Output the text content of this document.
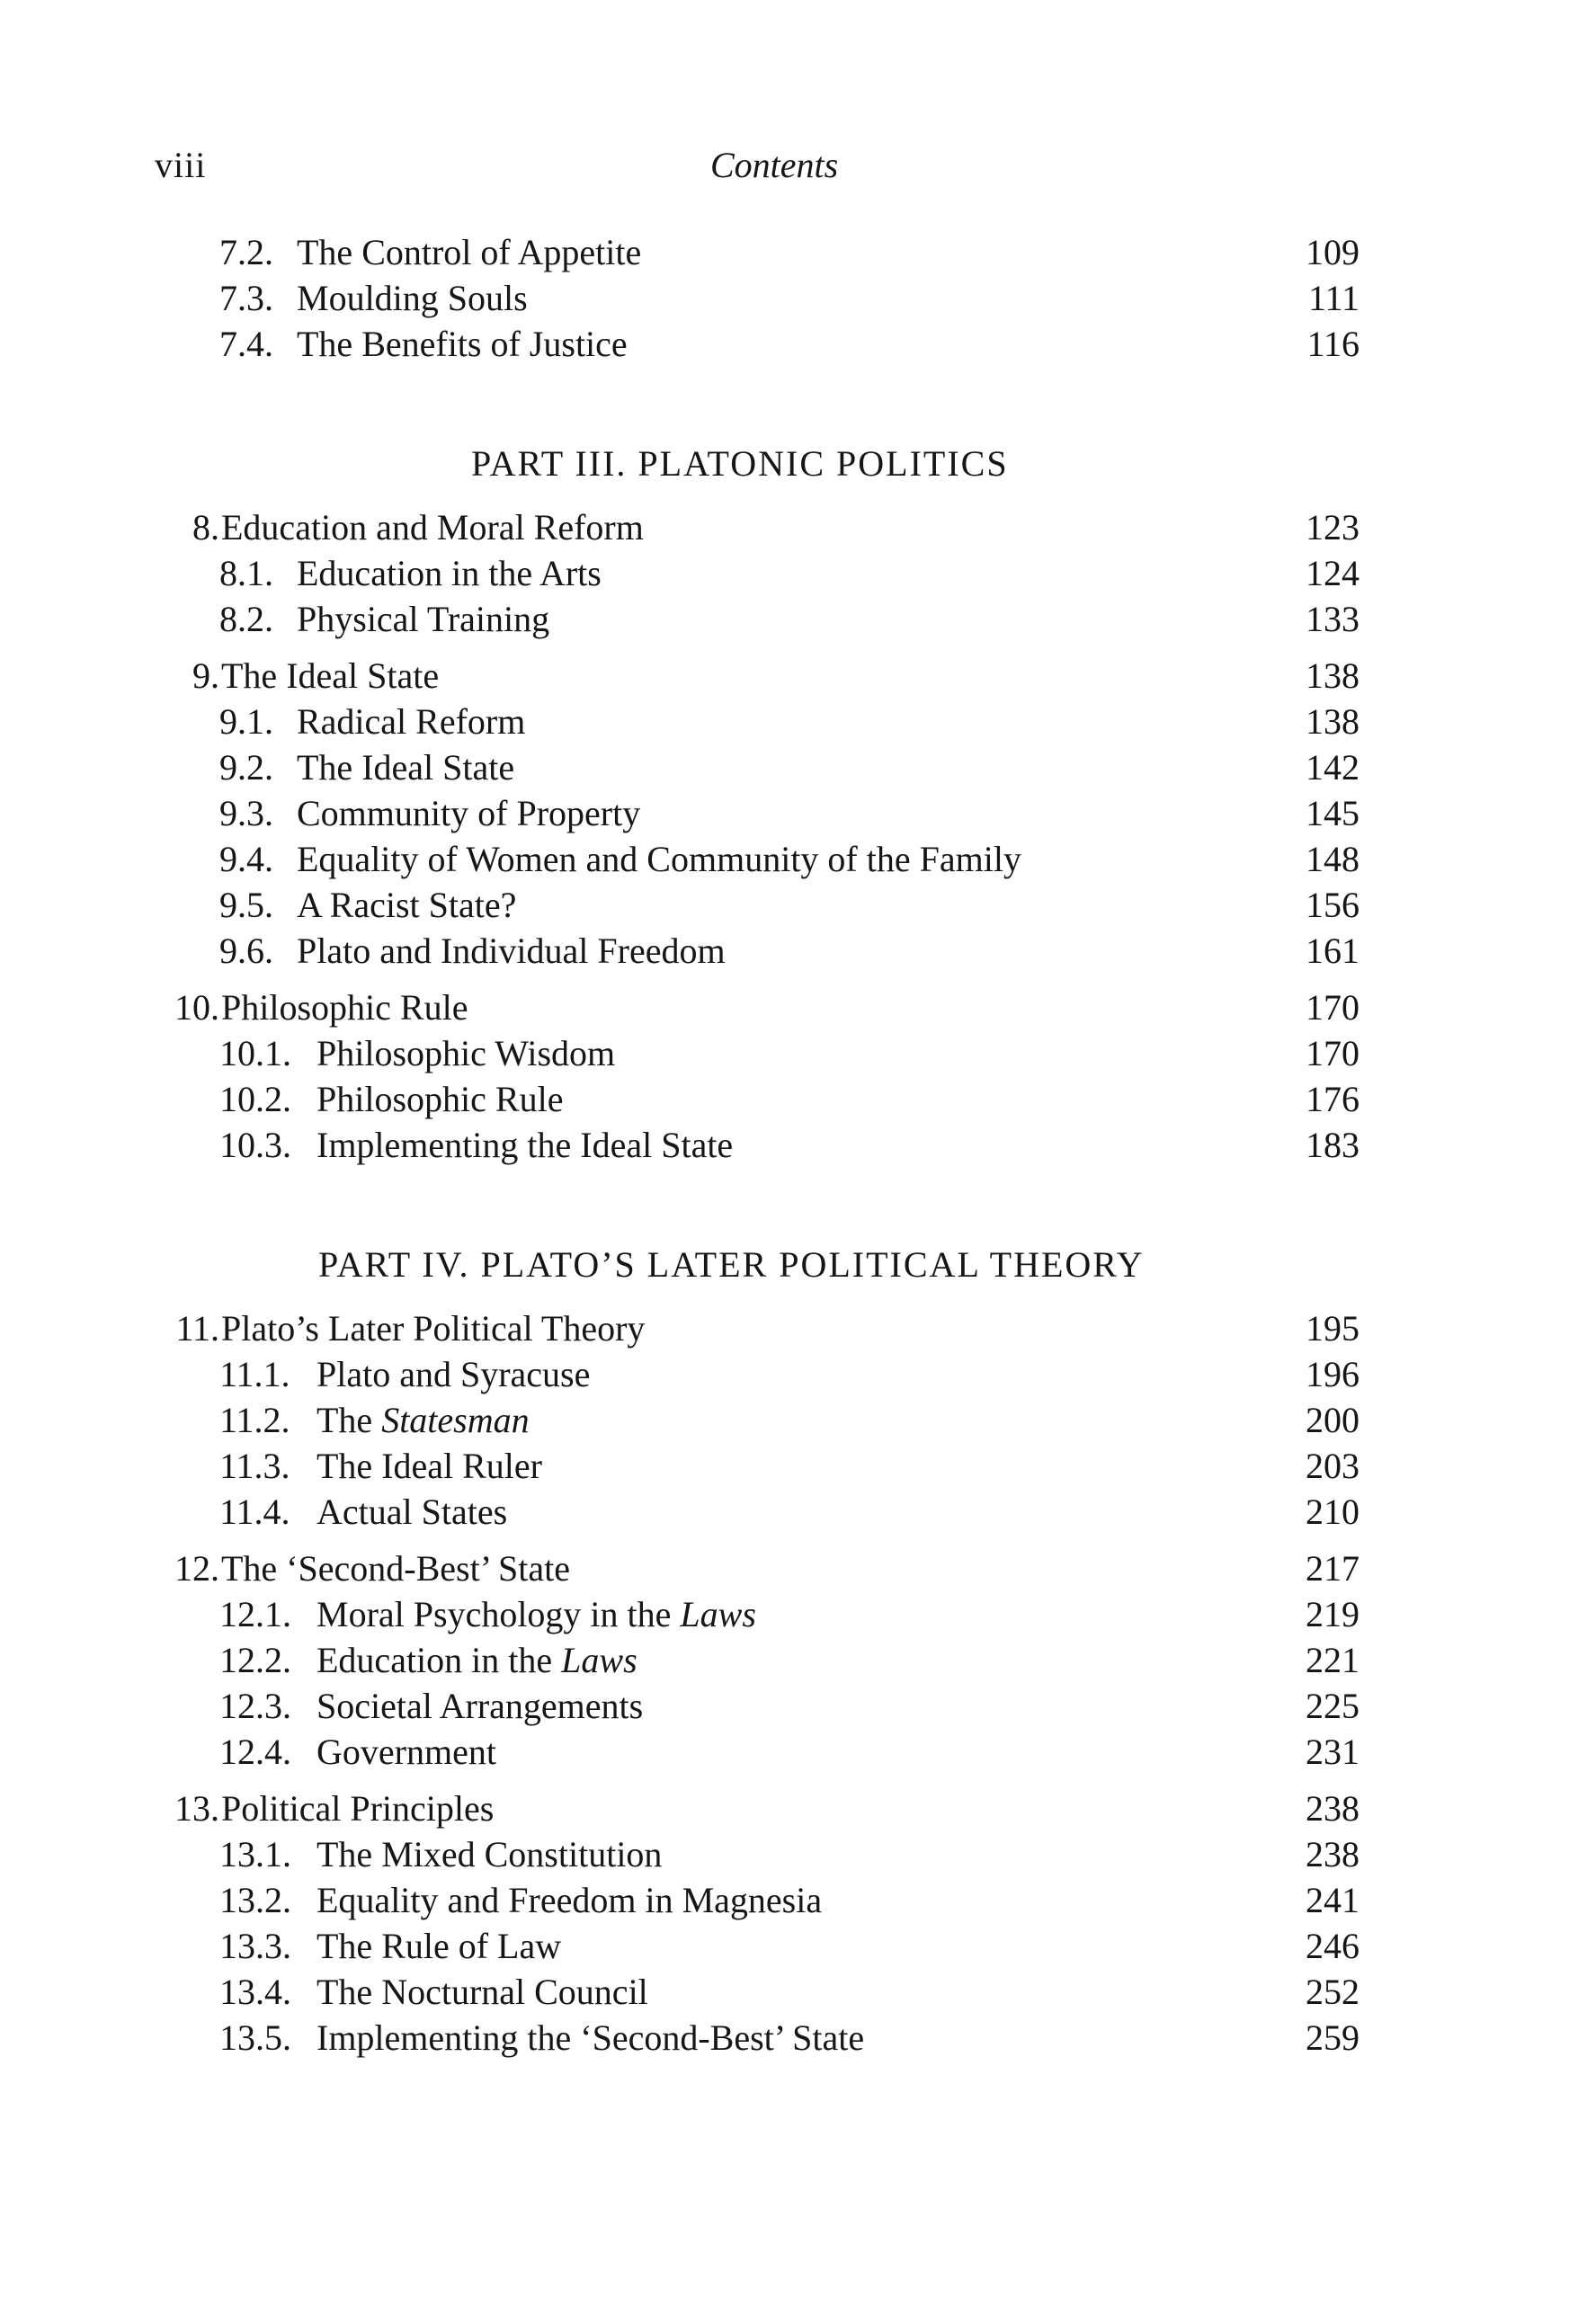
viii	Contents
7.2. The Control of Appetite	109
7.3. Moulding Souls	111
7.4. The Benefits of Justice	116
PART III. PLATONIC POLITICS
8. Education and Moral Reform	123
8.1. Education in the Arts	124
8.2. Physical Training	133
9. The Ideal State	138
9.1. Radical Reform	138
9.2. The Ideal State	142
9.3. Community of Property	145
9.4. Equality of Women and Community of the Family	148
9.5. A Racist State?	156
9.6. Plato and Individual Freedom	161
10. Philosophic Rule	170
10.1. Philosophic Wisdom	170
10.2. Philosophic Rule	176
10.3. Implementing the Ideal State	183
PART IV. PLATO’S LATER POLITICAL THEORY
11. Plato’s Later Political Theory	195
11.1. Plato and Syracuse	196
11.2. The Statesman	200
11.3. The Ideal Ruler	203
11.4. Actual States	210
12. The ‘Second-Best’ State	217
12.1. Moral Psychology in the Laws	219
12.2. Education in the Laws	221
12.3. Societal Arrangements	225
12.4. Government	231
13. Political Principles	238
13.1. The Mixed Constitution	238
13.2. Equality and Freedom in Magnesia	241
13.3. The Rule of Law	246
13.4. The Nocturnal Council	252
13.5. Implementing the ‘Second-Best’ State	259
